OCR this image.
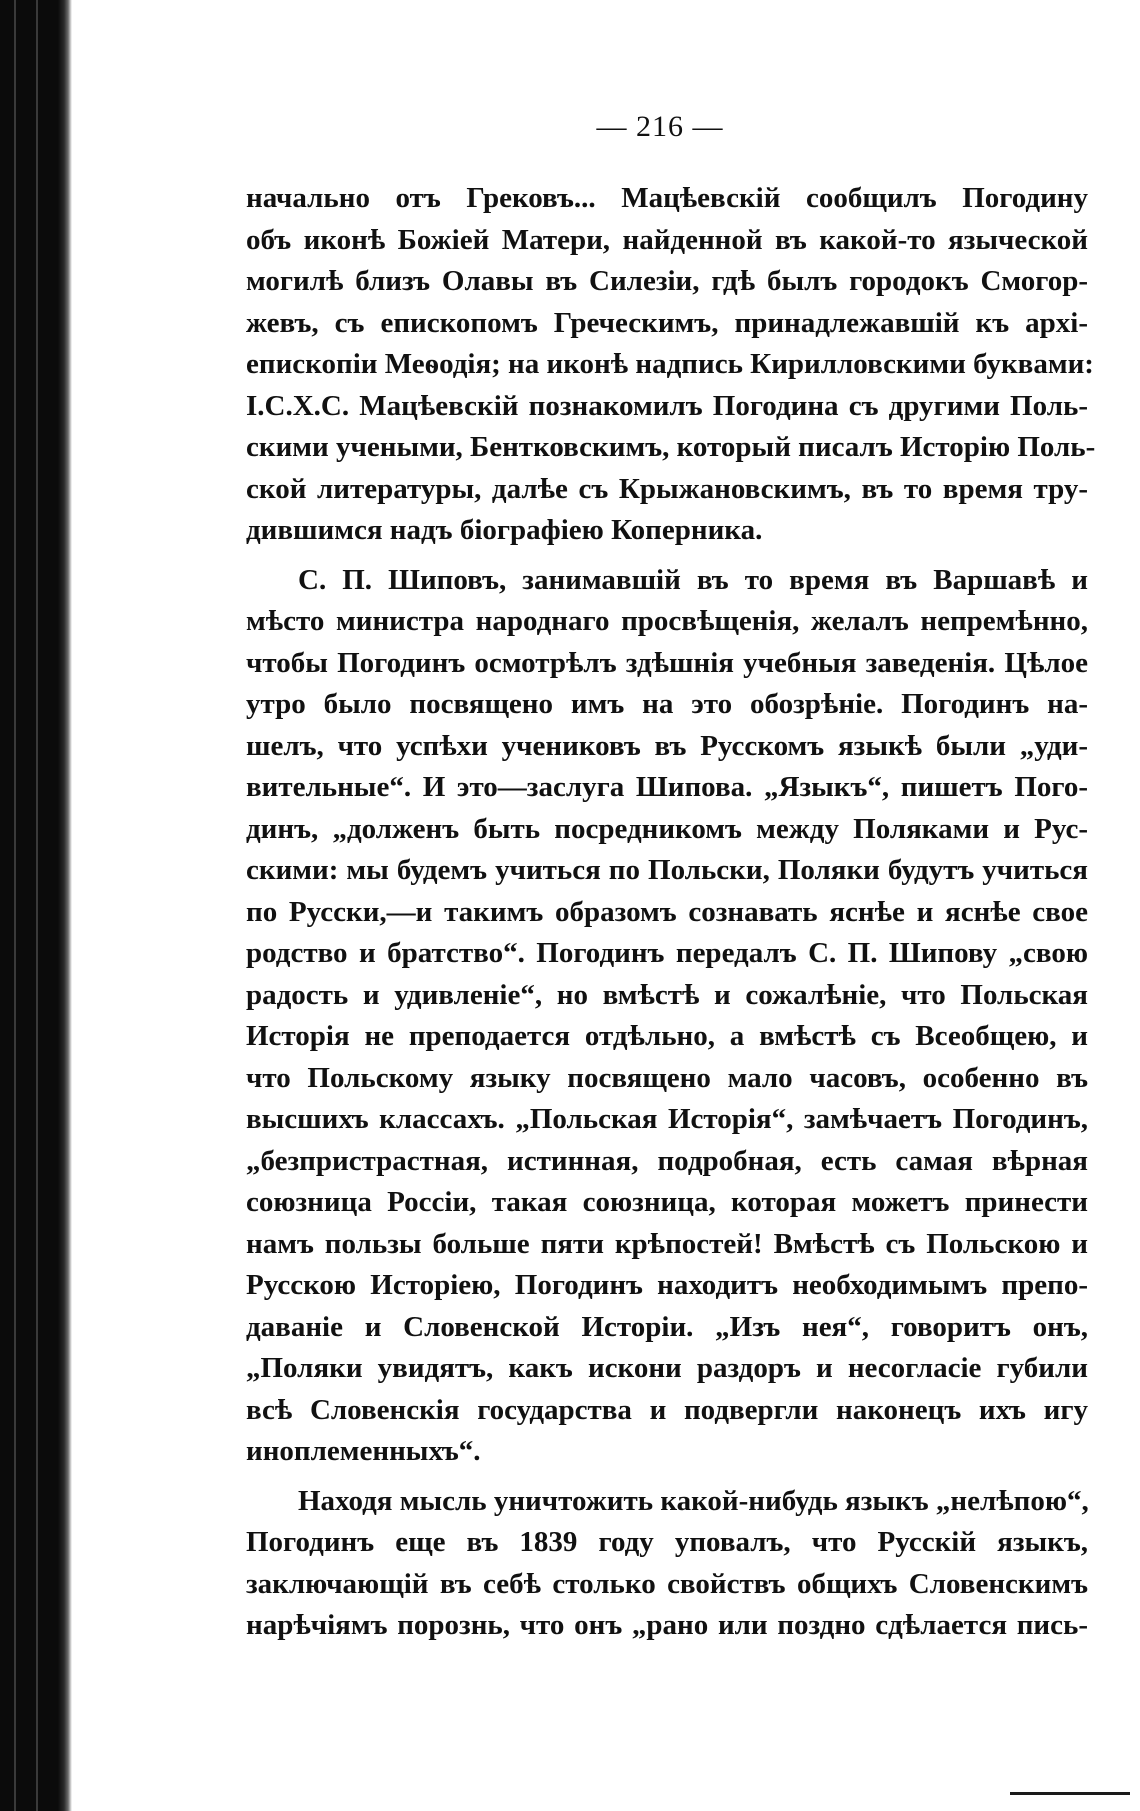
— 216 —
начально отъ Грековъ... Мацѣевскій сообщилъ Погодину
объ иконѣ Божіей Матери, найденной въ какой-то языческой
могилѣ близъ Олавы въ Силезіи, гдѣ былъ городокъ Смогор-
жевъ, съ епископомъ Греческимъ, принадлежавшій къ архі-
епископіи Меѳодія; на иконѣ надпись Кирилловскими буквами:
І.С.Х.С. Мацѣевскій познакомилъ Погодина съ другими Поль-
скими учеными, Бентковскимъ, который писалъ Исторію Поль-
ской литературы, далѣе съ Крыжановскимъ, въ то время тру-
дившимся надъ біографіею Коперника.
С. П. Шиповъ, занимавшій въ то время въ Варшавѣ и
мѣсто министра народнаго просвѣщенія, желалъ непремѣнно,
чтобы Погодинъ осмотрѣлъ здѣшнія учебныя заведенія. Цѣлое
утро было посвящено имъ на это обозрѣніе. Погодинъ на-
шелъ, что успѣхи учениковъ въ Русскомъ языкѣ были „уди-
вительные“. И это—заслуга Шипова. „Языкъ“, пишетъ Пого-
динъ, „долженъ быть посредникомъ между Поляками и Рус-
скими: мы будемъ учиться по Польски, Поляки будутъ учиться
по Русски,—и такимъ образомъ сознавать яснѣе и яснѣе свое
родство и братство“. Погодинъ передалъ С. П. Шипову „свою
радость и удивленіе“, но вмѣстѣ и сожалѣніе, что Польская
Исторія не преподается отдѣльно, а вмѣстѣ съ Всеобщею, и
что Польскому языку посвящено мало часовъ, особенно въ
высшихъ классахъ. „Польская Исторія“, замѣчаетъ Погодинъ,
„безпристрастная, истинная, подробная, есть самая вѣрная
союзница Россіи, такая союзница, которая можетъ принести
намъ пользы больше пяти крѣпостей! Вмѣстѣ съ Польскою и
Русскою Исторіею, Погодинъ находитъ необходимымъ препо-
даваніе и Словенской Исторіи. „Изъ нея“, говоритъ онъ,
„Поляки увидятъ, какъ искони раздоръ и несогласіе губили
всѣ Словенскія государства и подвергли наконецъ ихъ игу
иноплеменныхъ“.
Находя мысль уничтожить какой-нибудь языкъ „нелѣпою“,
Погодинъ еще въ 1839 году уповалъ, что Русскій языкъ,
заключающій въ себѣ столько свойствъ общихъ Словенскимъ
нарѣчіямъ порознь, что онъ „рано или поздно сдѣлается пись-
